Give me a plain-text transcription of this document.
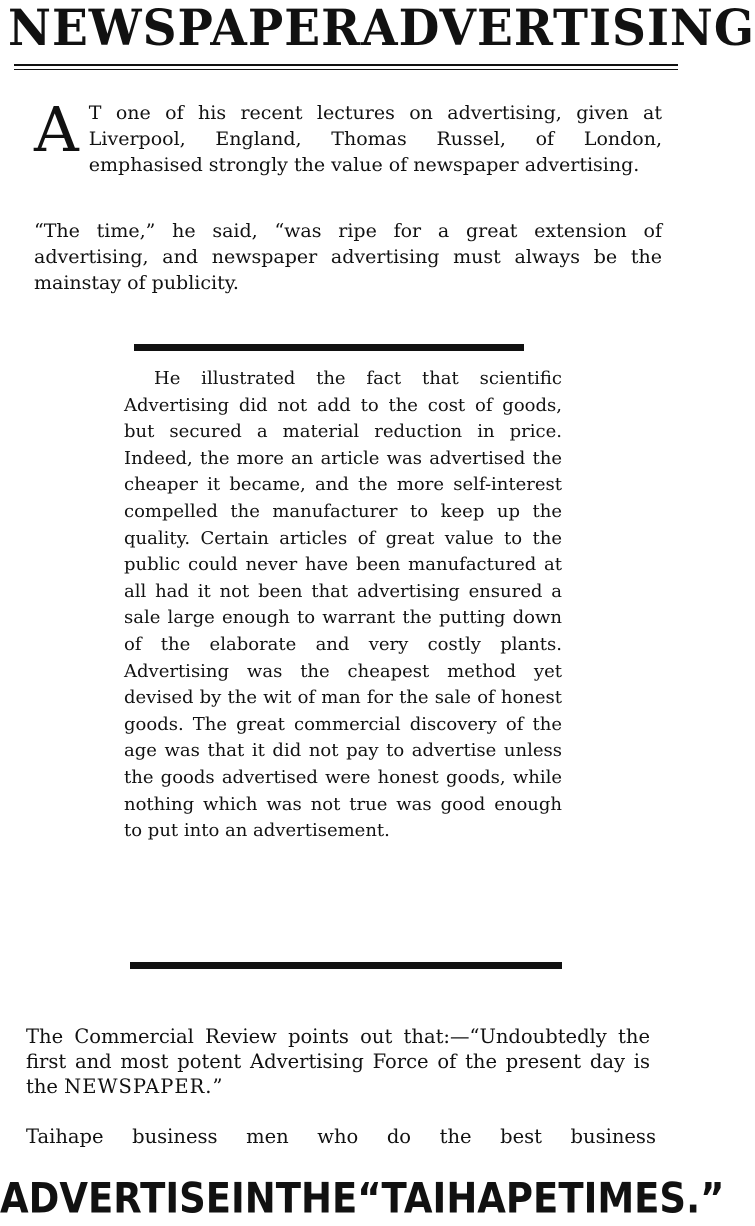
NEWSPAPER ADVERTISING
A T one of his recent lectures on advertising, given at Liverpool, England, Thomas Russel, of London, emphasised strongly the value of newspaper advertising.
“The time,” he said, “was ripe for a great extension of advertising, and newspaper advertising must always be the mainstay of publicity.
He illustrated the fact that scientific Advertising did not add to the cost of goods, but secured a material reduction in price. Indeed, the more an article was advertised the cheaper it became, and the more self-interest compelled the manufacturer to keep up the quality. Certain articles of great value to the public could never have been manufactured at all had it not been that advertising ensured a sale large enough to warrant the putting down of the elaborate and very costly plants. Advertising was the cheapest method yet devised by the wit of man for the sale of honest goods. The great commercial discovery of the age was that it did not pay to advertise unless the goods advertised were honest goods, while nothing which was not true was good enough to put into an advertisement.
The Commercial Review points out that:—“Undoubtedly the first and most potent Advertising Force of the present day is the NEWSPAPER.”
Taihape business men who do the best business
ADVERTISE IN THE “TAIHAPE TIMES.”
